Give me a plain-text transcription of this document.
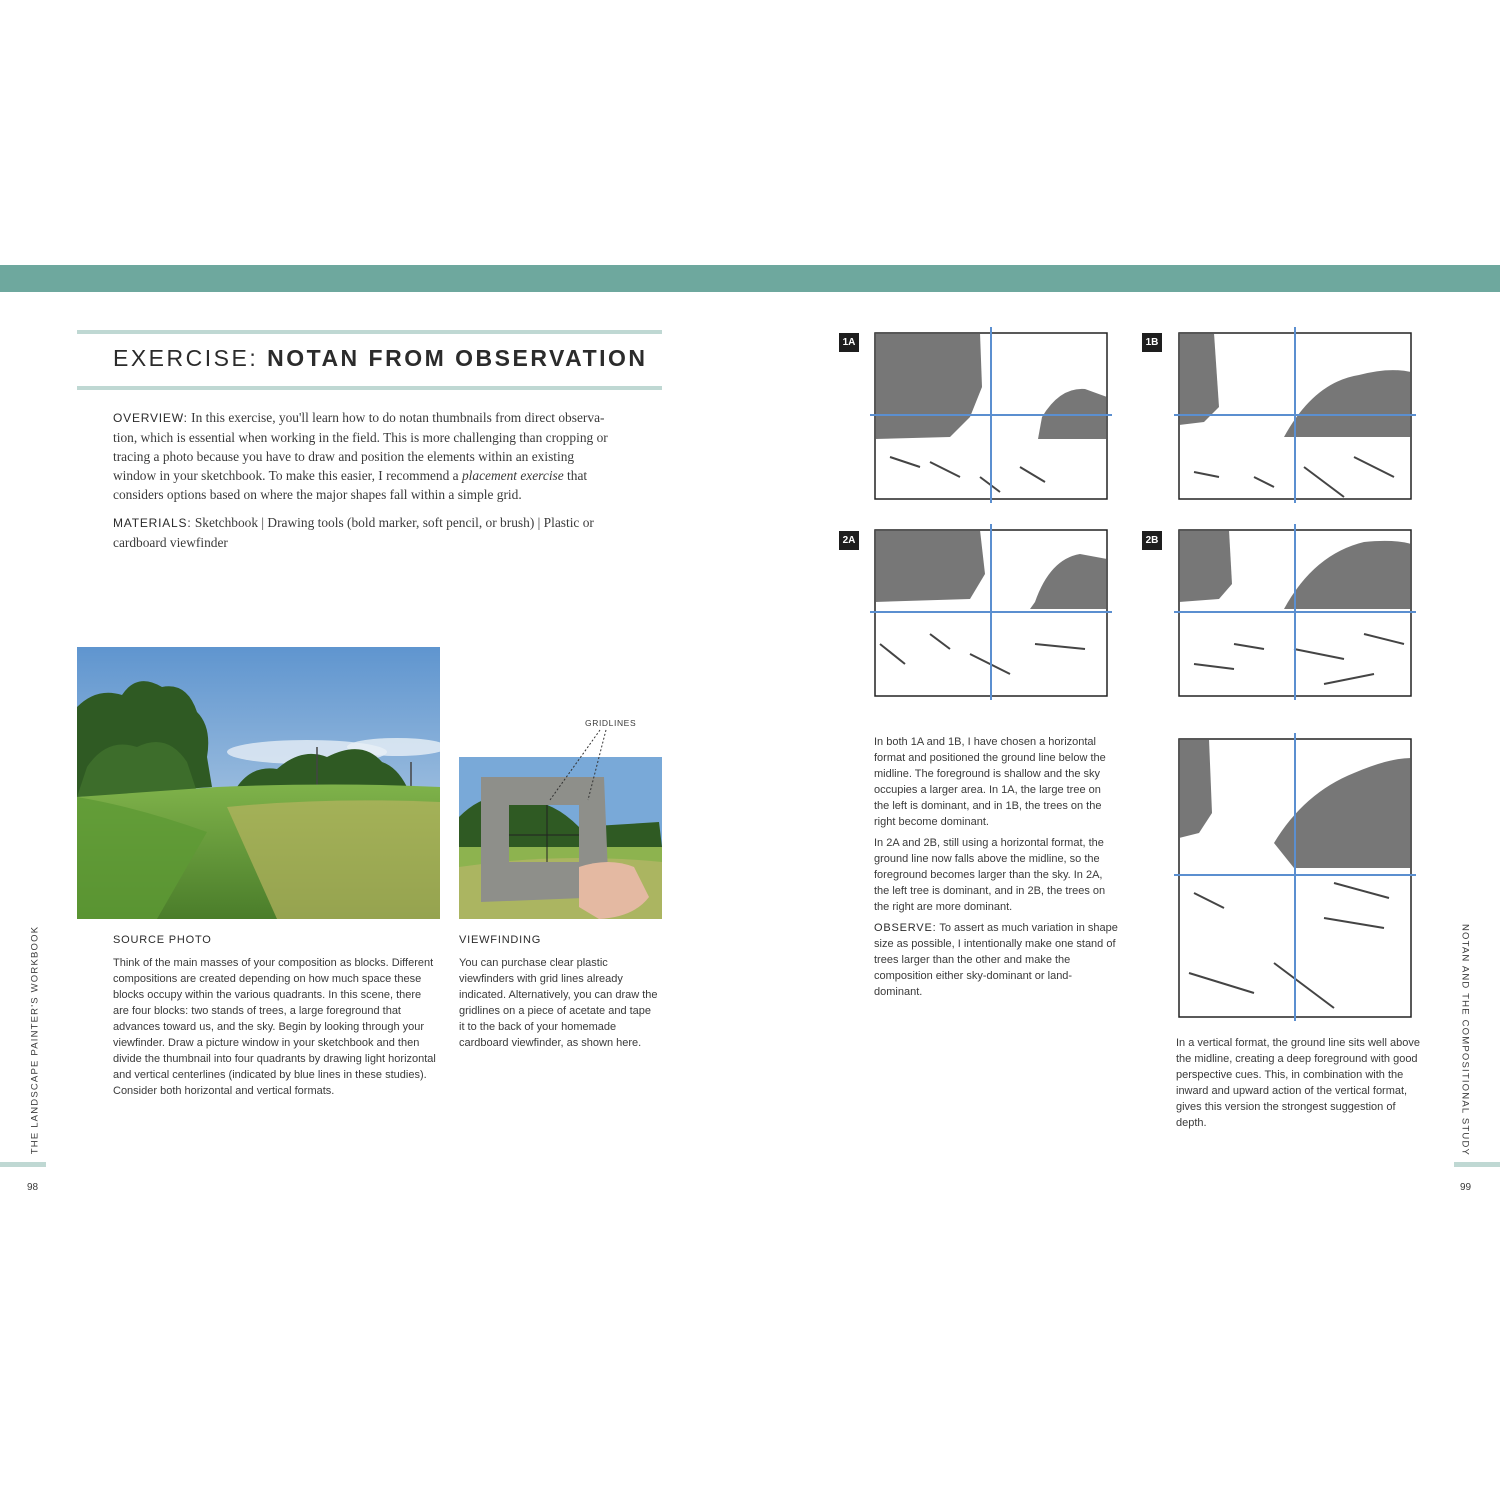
EXERCISE: NOTAN FROM OBSERVATION
OVERVIEW: In this exercise, you'll learn how to do notan thumbnails from direct observa-tion, which is essential when working in the field. This is more challenging than cropping or tracing a photo because you have to draw and position the elements within an existing window in your sketchbook. To make this easier, I recommend a placement exercise that considers options based on where the major shapes fall within a simple grid.
MATERIALS: Sketchbook | Drawing tools (bold marker, soft pencil, or brush) | Plastic or cardboard viewfinder
GRIDLINES
SOURCE PHOTO
Think of the main masses of your composition as blocks. Different compositions are created depending on how much space these blocks occupy within the various quadrants. In this scene, there are four blocks: two stands of trees, a large foreground that advances toward us, and the sky. Begin by looking through your viewfinder. Draw a picture window in your sketchbook and then divide the thumbnail into four quadrants by drawing light horizontal and vertical centerlines (indicated by blue lines in these studies). Consider both horizontal and vertical formats.
VIEWFINDING
You can purchase clear plastic viewfinders with grid lines already indicated. Alternatively, you can draw the gridlines on a piece of acetate and tape it to the back of your homemade cardboard viewfinder, as shown here.
1A	1B
2A	2B
In both 1A and 1B, I have chosen a horizontal format and positioned the ground line below the midline. The foreground is shallow and the sky occupies a larger area. In 1A, the large tree on the left is dominant, and in 1B, the trees on the right become dominant.
In 2A and 2B, still using a horizontal format, the ground line now falls above the midline, so the foreground becomes larger than the sky. In 2A, the left tree is dominant, and in 2B, the trees on the right are more dominant.
OBSERVE: To assert as much variation in shape size as possible, I intentionally make one stand of trees larger than the other and make the composition either sky-dominant or land-dominant.
In a vertical format, the ground line sits well above the midline, creating a deep foreground with good perspective cues. This, in combination with the inward and upward action of the vertical format, gives this version the strongest suggestion of depth.
THE LANDSCAPE PAINTER'S WORKBOOK	NOTAN AND THE COMPOSITIONAL STUDY
98	99
